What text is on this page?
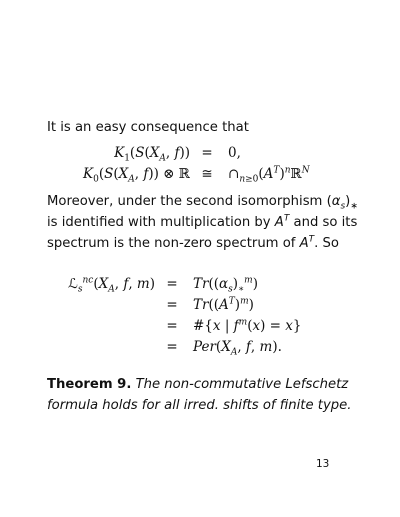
It is an easy consequence that

$K_1(S(X_A$, f)) =	0,
$K_0(S(X_A$, f)) ⊗ ℝ ≅	$\cap_{n\ge 0}(A^T)^nℝ^N$

Moreover, under the second isomorphism $(\alpha_s)_∗$ is identified with multiplication by $A^T$ and so its spectrum is the non-zero spectrum of $A^T$. So

$ℒ_s^{nc}(X_A$, f, m) =	$Tr((\alpha_s)_∗^m)$
=	$Tr((A^T)^m)$
=	#{x | $f^m(x) = x$}
=	$Per(X_A$, f, m).

Theorem 9. The non-commutative Lefschetz formula holds for all irred. shifts of finite type.

13
